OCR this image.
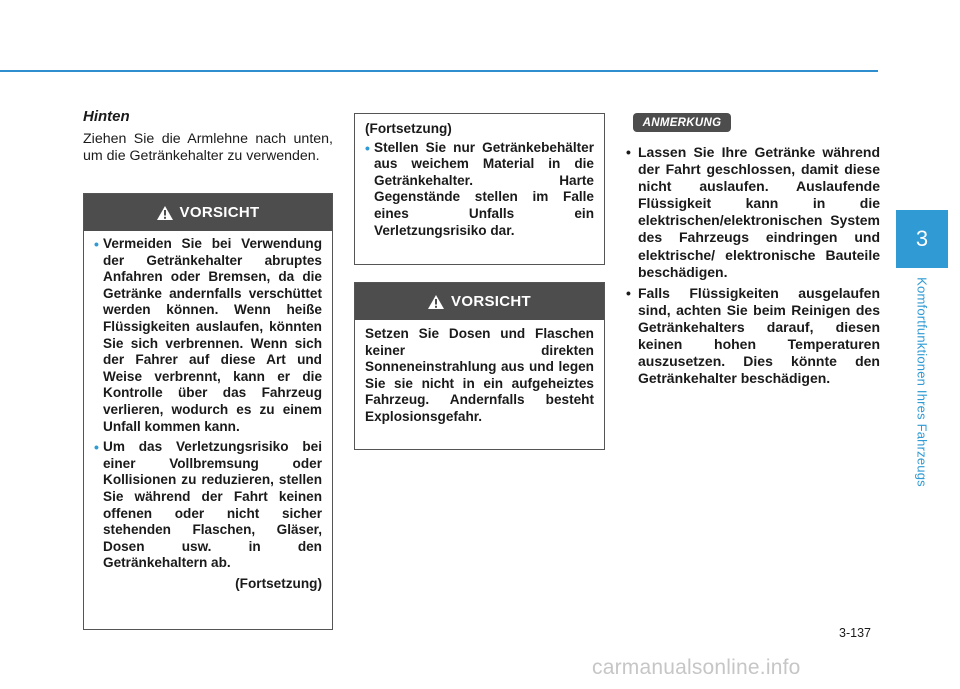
3
Komfortfunktionen Ihres Fahrzeugs
Hinten
Ziehen Sie die Armlehne nach unten, um die Getränkehalter zu verwenden.
VORSICHT
• Vermeiden Sie bei Verwendung der Getränkehalter abruptes Anfahren oder Bremsen, da die Getränke andernfalls verschüttet werden können. Wenn heiße Flüssigkeiten auslaufen, könnten Sie sich verbrennen. Wenn sich der Fahrer auf diese Art und Weise verbrennt, kann er die Kontrolle über das Fahrzeug verlieren, wodurch es zu einem Unfall kommen kann.
• Um das Verletzungsrisiko bei einer Vollbremsung oder Kollisionen zu reduzieren, stellen Sie während der Fahrt keinen offenen oder nicht sicher stehenden Flaschen, Gläser, Dosen usw. in den Getränkehaltern ab.
(Fortsetzung)
(Fortsetzung)
• Stellen Sie nur Getränkebehälter aus weichem Material in die Getränkehalter. Harte Gegenstände stellen im Falle eines Unfalls ein Verletzungsrisiko dar.
VORSICHT
Setzen Sie Dosen und Flaschen keiner direkten Sonneneinstrahlung aus und legen Sie sie nicht in ein aufgeheiztes Fahrzeug. Andernfalls besteht Explosionsgefahr.
ANMERKUNG
• Lassen Sie Ihre Getränke während der Fahrt geschlossen, damit diese nicht auslaufen. Auslaufende Flüssigkeit kann in die elektrischen/elektronischen System des Fahrzeugs eindringen und elektrische/ elektronische Bauteile beschädigen.
• Falls Flüssigkeiten ausgelaufen sind, achten Sie beim Reinigen des Getränkehalters darauf, diesen keinen hohen Temperaturen auszusetzen. Dies könnte den Getränkehalter beschädigen.
3-137
carmanualsonline.info
